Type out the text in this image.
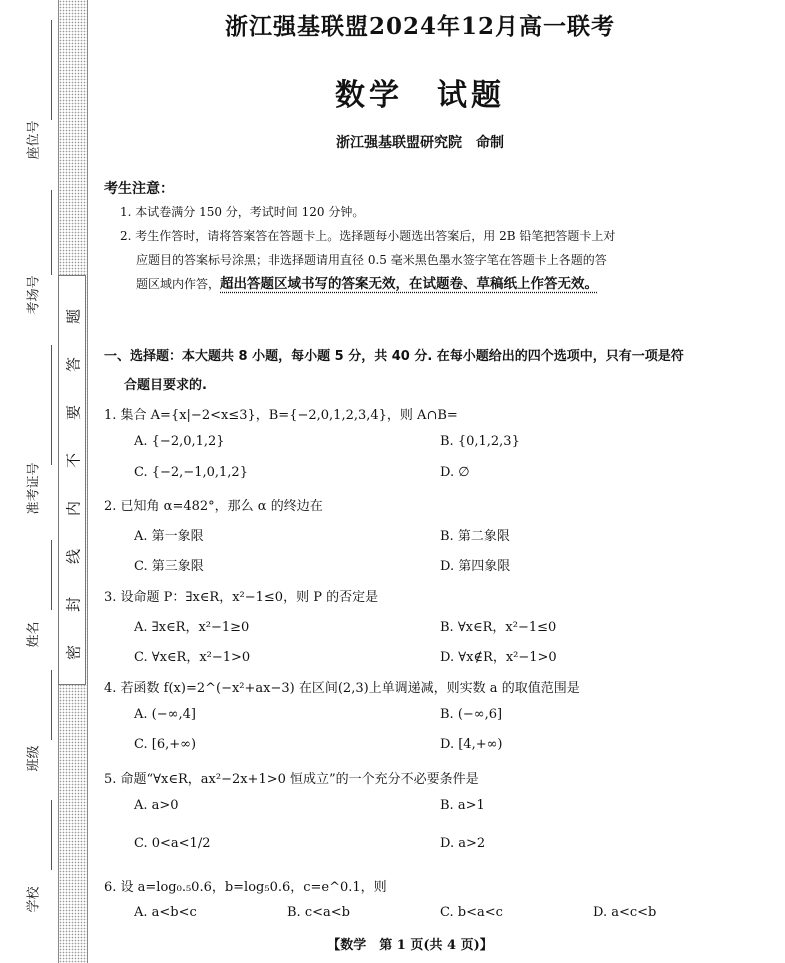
题
答
要
不
内
线
封
密
座位号
考场号
准考证号
姓名
班级
学校
浙江强基联盟2024年12月高一联考
数学　试题
浙江强基联盟研究院　命制
考生注意：
1. 本试卷满分 150 分，考试时间 120 分钟。
2. 考生作答时，请将答案答在答题卡上。选择题每小题选出答案后，用 2B 铅笔把答题卡上对
应题目的答案标号涂黑；非选择题请用直径 0.5 毫米黑色墨水签字笔在答题卡上各题的答
题区域内作答，超出答题区域书写的答案无效，在试题卷、草稿纸上作答无效。
一、选择题：本大题共 8 小题，每小题 5 分，共 40 分. 在每小题给出的四个选项中，只有一项是符
合题目要求的.
1. 集合 A={x|−2<x≤3}，B={−2,0,1,2,3,4}，则 A∩B=
A. {−2,0,1,2}	B. {0,1,2,3}
C. {−2,−1,0,1,2}	D. ∅
2. 已知角 α=482°，那么 α 的终边在
A. 第一象限	B. 第二象限
C. 第三象限	D. 第四象限
3. 设命题 P：∃x∈R，x²−1≤0，则 P 的否定是
A. ∃x∈R，x²−1≥0	B. ∀x∈R，x²−1≤0
C. ∀x∈R，x²−1>0	D. ∀x∉R，x²−1>0
4. 若函数 f(x)=2^(−x²+ax−3) 在区间(2,3)上单调递减，则实数 a 的取值范围是
A. (−∞,4]	B. (−∞,6]
C. [6,+∞)	D. [4,+∞)
5. 命题“∀x∈R，ax²−2x+1>0 恒成立”的一个充分不必要条件是
A. a>0	B. a>1
C. 0<a<1/2	D. a>2
6. 设 a=log₀.₅0.6，b=log₅0.6，c=e^0.1，则
A. a<b<c	B. c<a<b	C. b<a<c	D. a<c<b
【数学　第 1 页(共 4 页)】
